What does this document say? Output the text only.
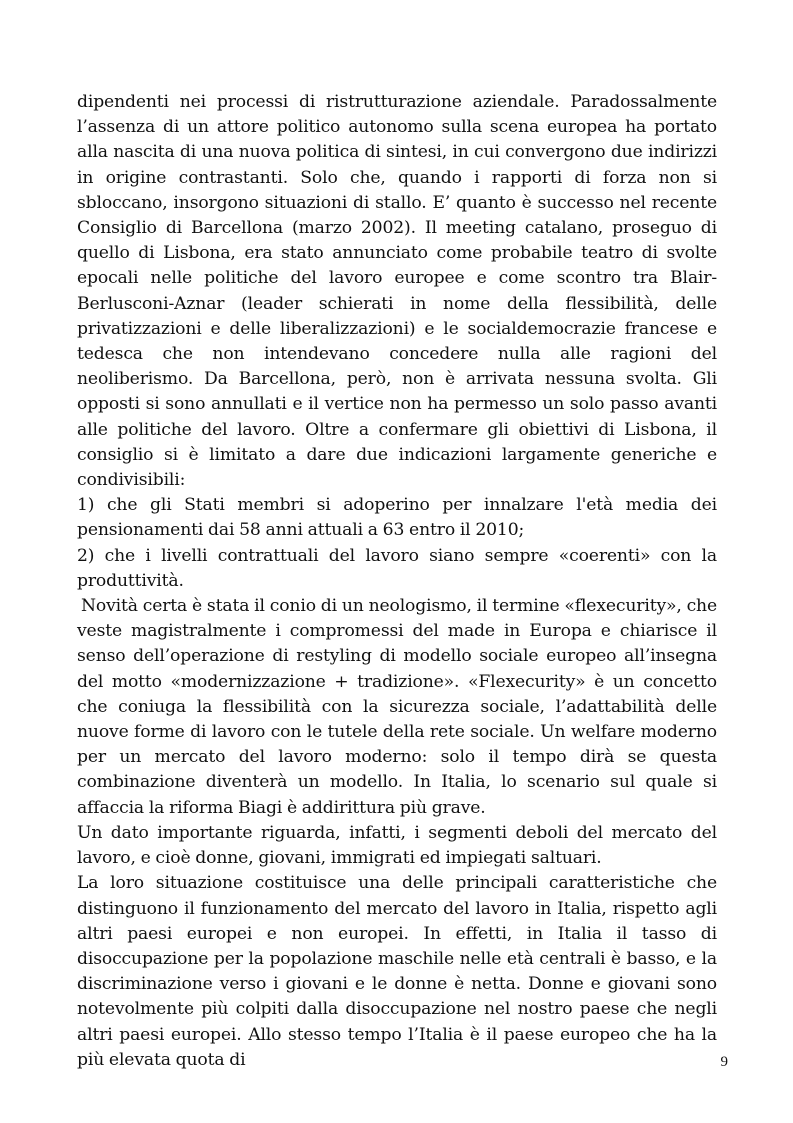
dipendenti nei processi di ristrutturazione aziendale. Paradossalmente l’assenza di un attore politico autonomo sulla scena europea ha portato alla nascita di una nuova politica di sintesi, in cui convergono due indirizzi in origine contrastanti. Solo che, quando i rapporti di forza non si sbloccano, insorgono situazioni di stallo. E’ quanto è successo nel recente Consiglio di Barcellona (marzo 2002). Il meeting catalano, proseguo di quello di Lisbona, era stato annunciato come probabile teatro di svolte epocali nelle politiche del lavoro europee e come scontro tra Blair-Berlusconi-Aznar (leader schierati in nome della flessibilità, delle privatizzazioni e delle liberalizzazioni) e le socialdemocrazie francese e tedesca che non intendevano concedere nulla alle ragioni del neoliberismo. Da Barcellona, però, non è arrivata nessuna svolta. Gli opposti si sono annullati e il vertice non ha permesso un solo passo avanti alle politiche del lavoro. Oltre a confermare gli obiettivi di Lisbona, il consiglio si è limitato a dare due indicazioni largamente generiche e condivisibili:

1) che gli Stati membri si adoperino per innalzare l'età media dei pensionamenti dai 58 anni attuali a 63 entro il 2010;

2) che i livelli contrattuali del lavoro siano sempre «coerenti» con la produttività.

Novità certa è stata il conio di un neologismo, il termine «flexecurity», che veste magistralmente i compromessi del made in Europa e chiarisce il senso dell’operazione di restyling di modello sociale europeo all’insegna del motto «modernizzazione + tradizione». «Flexecurity» è un concetto che coniuga la flessibilità con la sicurezza sociale, l’adattabilità delle nuove forme di lavoro con le tutele della rete sociale. Un welfare moderno per un mercato del lavoro moderno: solo il tempo dirà se questa combinazione diventerà un modello. In Italia, lo scenario sul quale si affaccia la riforma Biagi è addirittura più grave.

Un dato importante riguarda, infatti, i segmenti deboli del mercato del lavoro, e cioè donne, giovani, immigrati ed impiegati saltuari.

La loro situazione costituisce una delle principali caratteristiche che distinguono il funzionamento del mercato del lavoro in Italia, rispetto agli altri paesi europei e non europei. In effetti, in Italia il tasso di disoccupazione per la popolazione maschile nelle età centrali è basso, e la discriminazione verso i giovani e le donne è netta. Donne e giovani sono notevolmente più colpiti dalla disoccupazione nel nostro paese che negli altri paesi europei. Allo stesso tempo l’Italia è il paese europeo che ha la più elevata quota di	9
